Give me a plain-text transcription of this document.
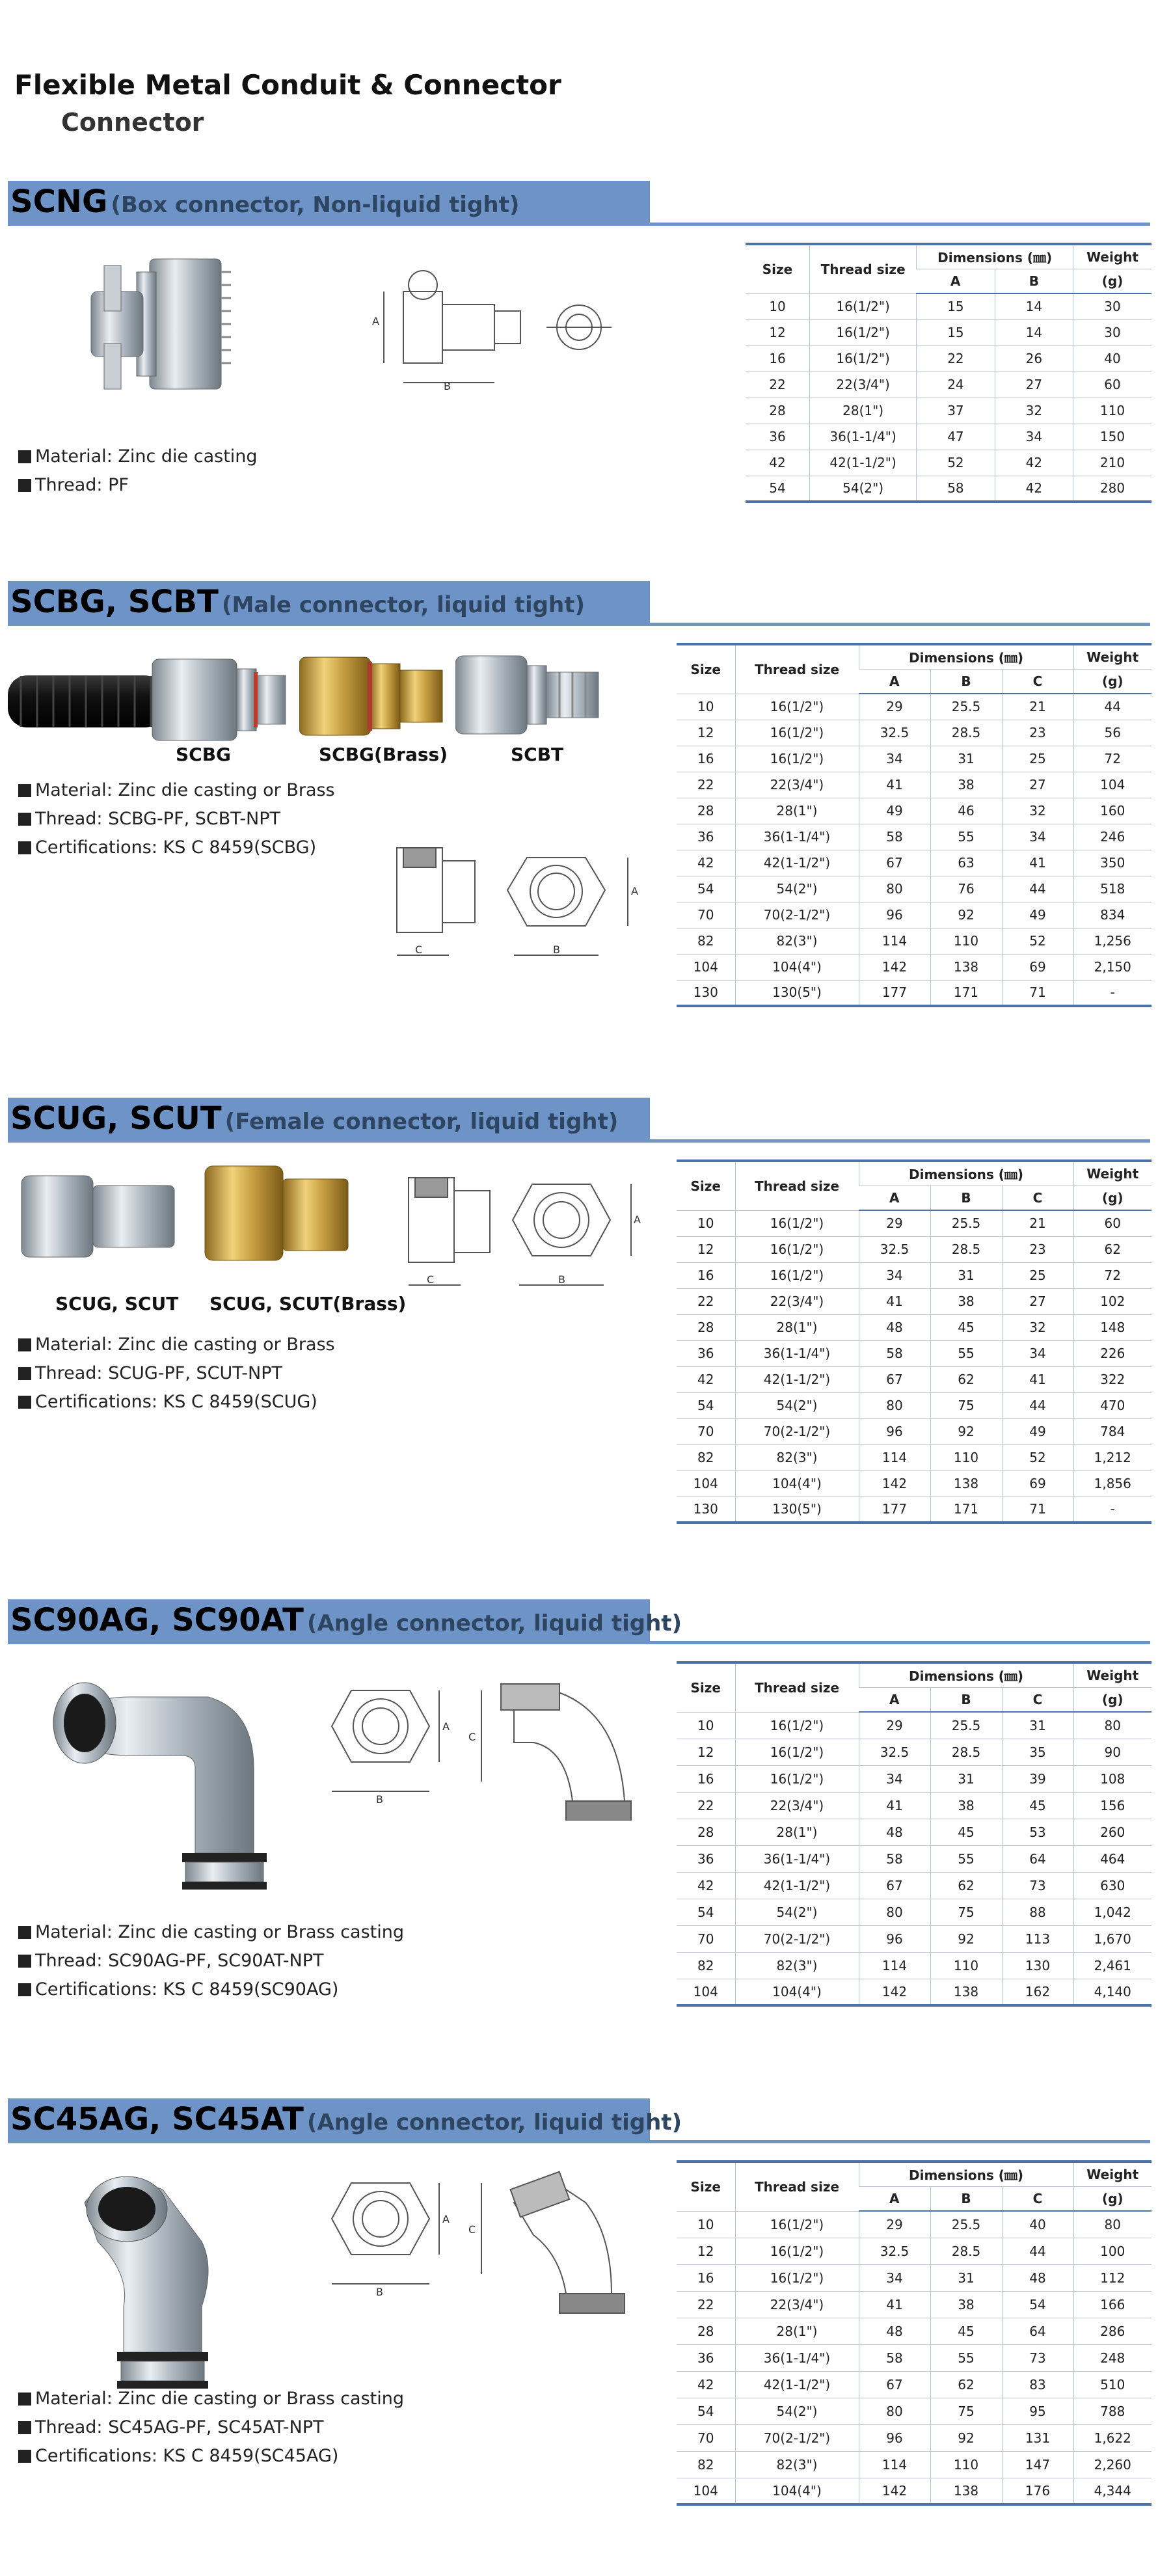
Flexible Metal Conduit & Connector
Connector
SCNG (Box connector, Non-liquid tight)
A
B
Material: Zinc die casting
Thread: PF
Size	Thread size	Dimensions (㎜)		Weight
		A	B	(g)
10	16(1/2")	15	14	30
12	16(1/2")	15	14	30
16	16(1/2")	22	26	40
22	22(3/4")	24	27	60
28	28(1")	37	32	110
36	36(1-1/4")	47	34	150
42	42(1-1/2")	52	42	210
54	54(2")	58	42	280
SCBG, SCBT (Male connector, liquid tight)
SCBG	SCBG(Brass)	SCBT
Material: Zinc die casting or Brass
Thread: SCBG-PF, SCBT-NPT
Certifications: KS C 8459(SCBG)
C	B
A
Size	Thread size	Dimensions (㎜)			Weight
		A	B	C	(g)
10	16(1/2")	29	25.5	21	44
12	16(1/2")	32.5	28.5	23	56
16	16(1/2")	34	31	25	72
22	22(3/4")	41	38	27	104
28	28(1")	49	46	32	160
36	36(1-1/4")	58	55	34	246
42	42(1-1/2")	67	63	41	350
54	54(2")	80	76	44	518
70	70(2-1/2")	96	92	49	834
82	82(3")	114	110	52	1,256
104	104(4")	142	138	69	2,150
130	130(5")	177	171	71	-
SCUG, SCUT (Female connector, liquid tight)
SCUG, SCUT SCUG, SCUT(Brass)
Material: Zinc die casting or Brass
Thread: SCUG-PF, SCUT-NPT
Certifications: KS C 8459(SCUG)
C	B
A
Size	Thread size	Dimensions (㎜)			Weight
		A	B	C	(g)
10	16(1/2")	29	25.5	21	60
12	16(1/2")	32.5	28.5	23	62
16	16(1/2")	34	31	25	72
22	22(3/4")	41	38	27	102
28	28(1")	48	45	32	148
36	36(1-1/4")	58	55	34	226
42	42(1-1/2")	67	62	41	322
54	54(2")	80	75	44	470
70	70(2-1/2")	96	92	49	784
82	82(3")	114	110	52	1,212
104	104(4")	142	138	69	1,856
130	130(5")	177	171	71	-
SC90AG, SC90AT (Angle connector, liquid tight)
A
B
C
Material: Zinc die casting or Brass casting
Thread: SC90AG-PF, SC90AT-NPT
Certifications: KS C 8459(SC90AG)
Size	Thread size	Dimensions (㎜)			Weight
		A	B	C	(g)
10	16(1/2")	29	25.5	31	80
12	16(1/2")	32.5	28.5	35	90
16	16(1/2")	34	31	39	108
22	22(3/4")	41	38	45	156
28	28(1")	48	45	53	260
36	36(1-1/4")	58	55	64	464
42	42(1-1/2")	67	62	73	630
54	54(2")	80	75	88	1,042
70	70(2-1/2")	96	92	113	1,670
82	82(3")	114	110	130	2,461
104	104(4")	142	138	162	4,140
SC45AG, SC45AT (Angle connector, liquid tight)
A
B
C
Material: Zinc die casting or Brass casting
Thread: SC45AG-PF, SC45AT-NPT
Certifications: KS C 8459(SC45AG)
Size	Thread size	Dimensions (㎜)			Weight
		A	B	C	(g)
10	16(1/2")	29	25.5	40	80
12	16(1/2")	32.5	28.5	44	100
16	16(1/2")	34	31	48	112
22	22(3/4")	41	38	54	166
28	28(1")	48	45	64	286
36	36(1-1/4")	58	55	73	248
42	42(1-1/2")	67	62	83	510
54	54(2")	80	75	95	788
70	70(2-1/2")	96	92	131	1,622
82	82(3")	114	110	147	2,260
104	104(4")	142	138	176	4,344
